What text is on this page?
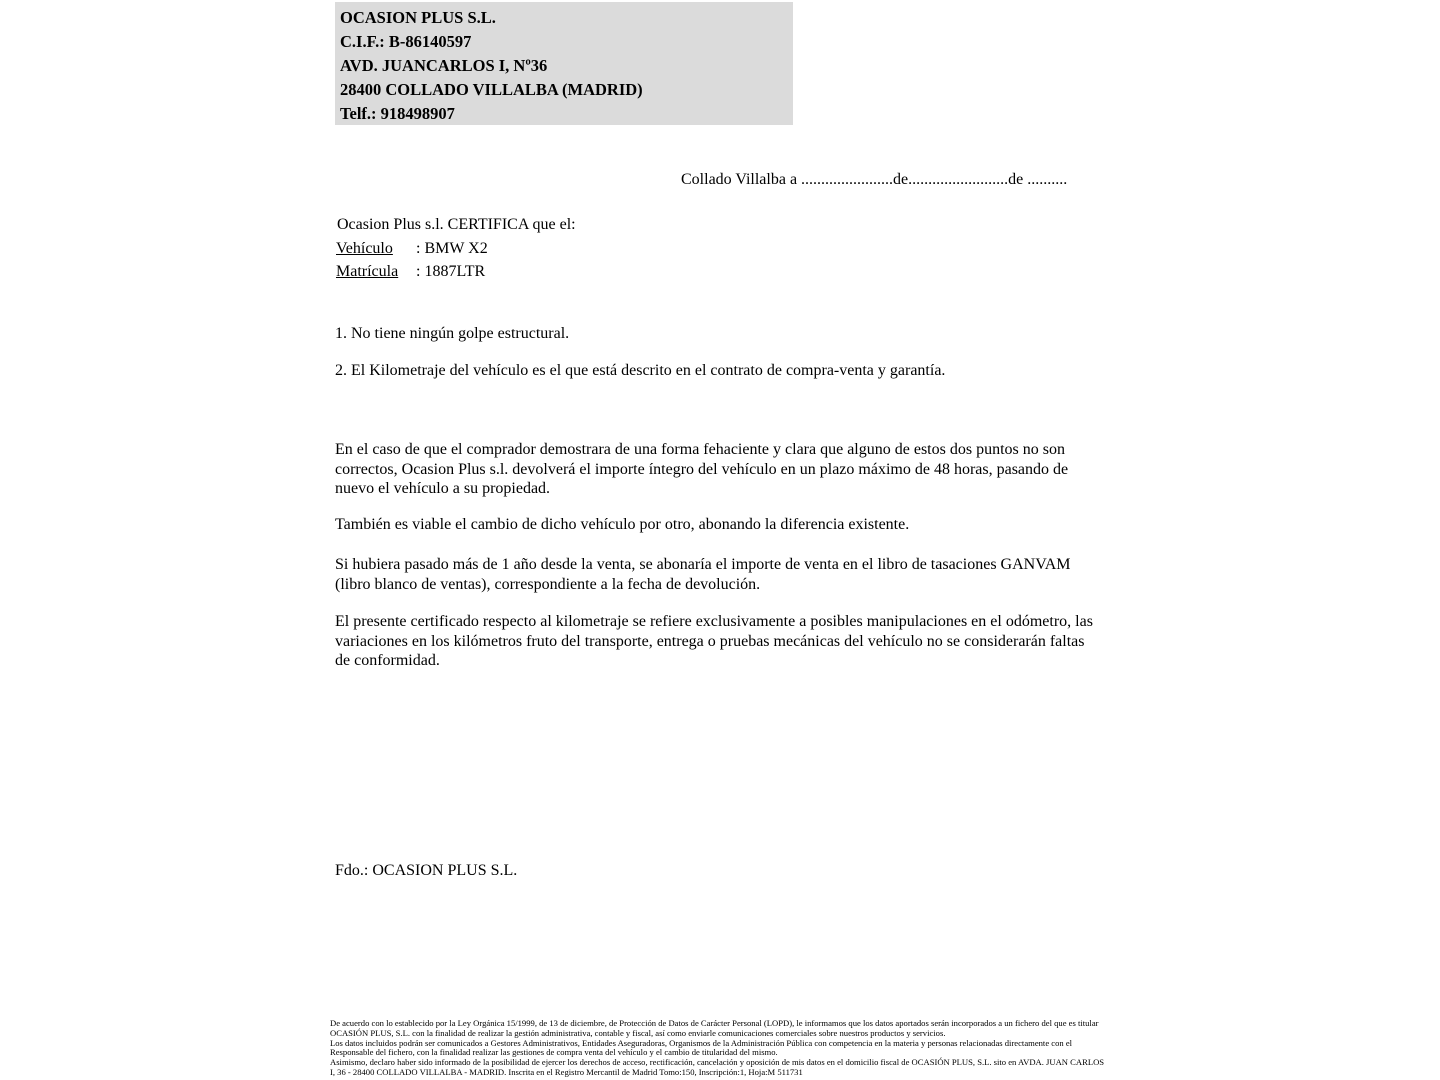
OCASION PLUS S.L.
C.I.F.: B-86140597
AVD. JUANCARLOS I, Nº36
28400 COLLADO VILLALBA (MADRID)
Telf.: 918498907
Collado Villalba a .......................de.........................de ..........
Ocasion Plus s.l. CERTIFICA que el:
Vehículo : BMW X2
Matrícula : 1887LTR
1. No tiene ningún golpe estructural.
2. El Kilometraje del vehículo es el que está descrito en el contrato de compra-venta y garantía.
En el caso de que el comprador demostrara de una forma fehaciente y clara que alguno de estos dos puntos no son correctos, Ocasion Plus s.l. devolverá el importe íntegro del vehículo en un plazo máximo de 48 horas, pasando de nuevo el vehículo a su propiedad.
También es viable el cambio de dicho vehículo por otro, abonando la diferencia existente.
Si hubiera pasado más de 1 año desde la venta, se abonaría el importe de venta en el libro de tasaciones GANVAM (libro blanco de ventas), correspondiente a la fecha de devolución.
El presente certificado respecto al kilometraje se refiere exclusivamente a posibles manipulaciones en el odómetro, las variaciones en los kilómetros fruto del transporte, entrega o pruebas mecánicas del vehículo no se considerarán faltas de conformidad.
Fdo.: OCASION PLUS S.L.

De acuerdo con lo establecido por la Ley Orgánica 15/1999, de 13 de diciembre, de Protección de Datos de Carácter Personal (LOPD), le informamos que los datos aportados serán incorporados a un fichero del que es titular OCASIÓN PLUS, S.L. con la finalidad de realizar la gestión administrativa, contable y fiscal, así como enviarle comunicaciones comerciales sobre nuestros productos y servicios.

Los datos incluidos podrán ser comunicados a Gestores Administrativos, Entidades Aseguradoras, Organismos de la Administración Pública con competencia en la materia y personas relacionadas directamente con el Responsable del fichero, con la finalidad realizar las gestiones de compra venta del vehículo y el cambio de titularidad del mismo.

Asimismo, declaro haber sido informado de la posibilidad de ejercer los derechos de acceso, rectificación, cancelación y oposición de mis datos en el domicilio fiscal de OCASIÓN PLUS, S.L. sito en AVDA. JUAN CARLOS I, 36 - 28400 COLLADO VILLALBA - MADRID. Inscrita en el Registro Mercantil de Madrid Tomo:150, Inscripción:1, Hoja:M 511731
